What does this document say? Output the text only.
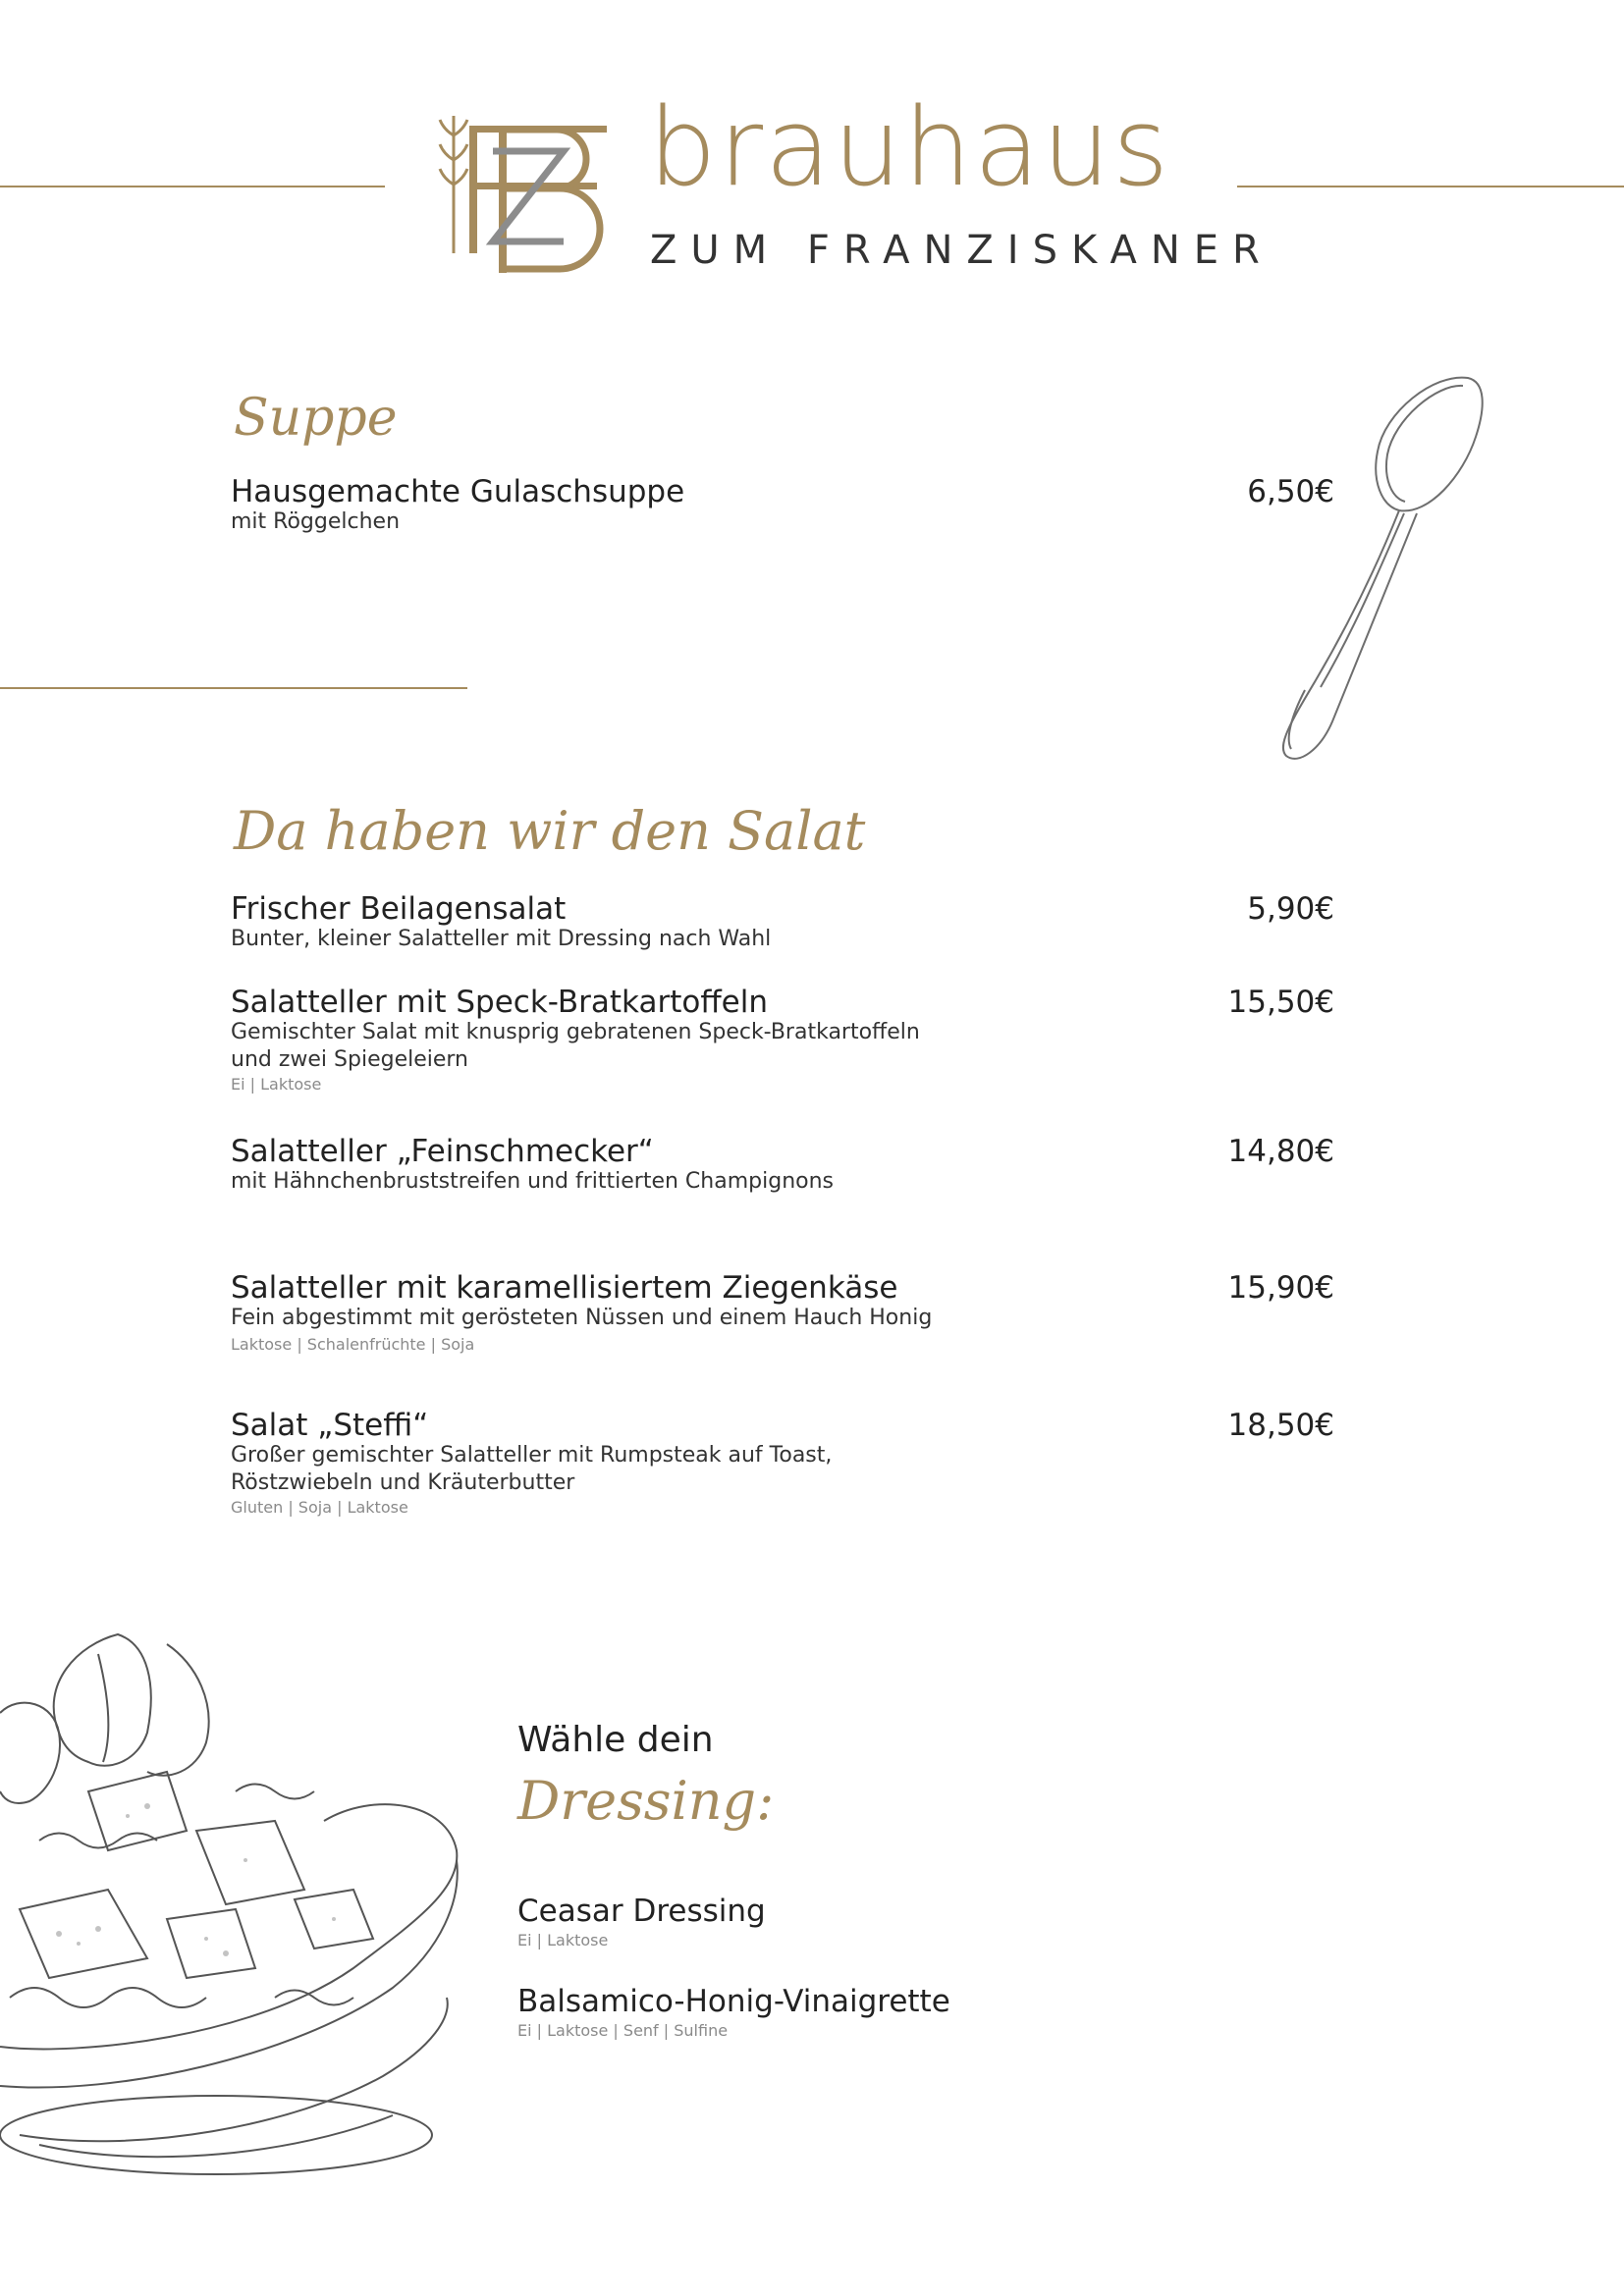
brauhaus
ZUM FRANZISKANER
Suppe
Hausgemachte Gulaschsuppe
mit Röggelchen
6,50€
Da haben wir den Salat
Frischer Beilagensalat
Bunter, kleiner Salatteller mit Dressing nach Wahl
5,90€
Salatteller mit Speck-Bratkartoffeln
Gemischter Salat mit knusprig gebratenen Speck-Bratkartoffeln und zwei Spiegeleiern
Ei | Laktose
15,50€
Salatteller „Feinschmecker“
mit Hähnchenbruststreifen und frittierten Champignons
14,80€
Salatteller mit karamellisiertem Ziegenkäse
Fein abgestimmt mit gerösteten Nüssen und einem Hauch Honig
Laktose | Schalenfrüchte | Soja
15,90€
Salat „Steffi“
Großer gemischter Salatteller mit Rumpsteak auf Toast, Röstzwiebeln und Kräuterbutter
Gluten | Soja | Laktose
18,50€
Wähle dein
Dressing:
Ceasar Dressing
Ei | Laktose
Balsamico-Honig-Vinaigrette
Ei | Laktose | Senf | Sulfine
